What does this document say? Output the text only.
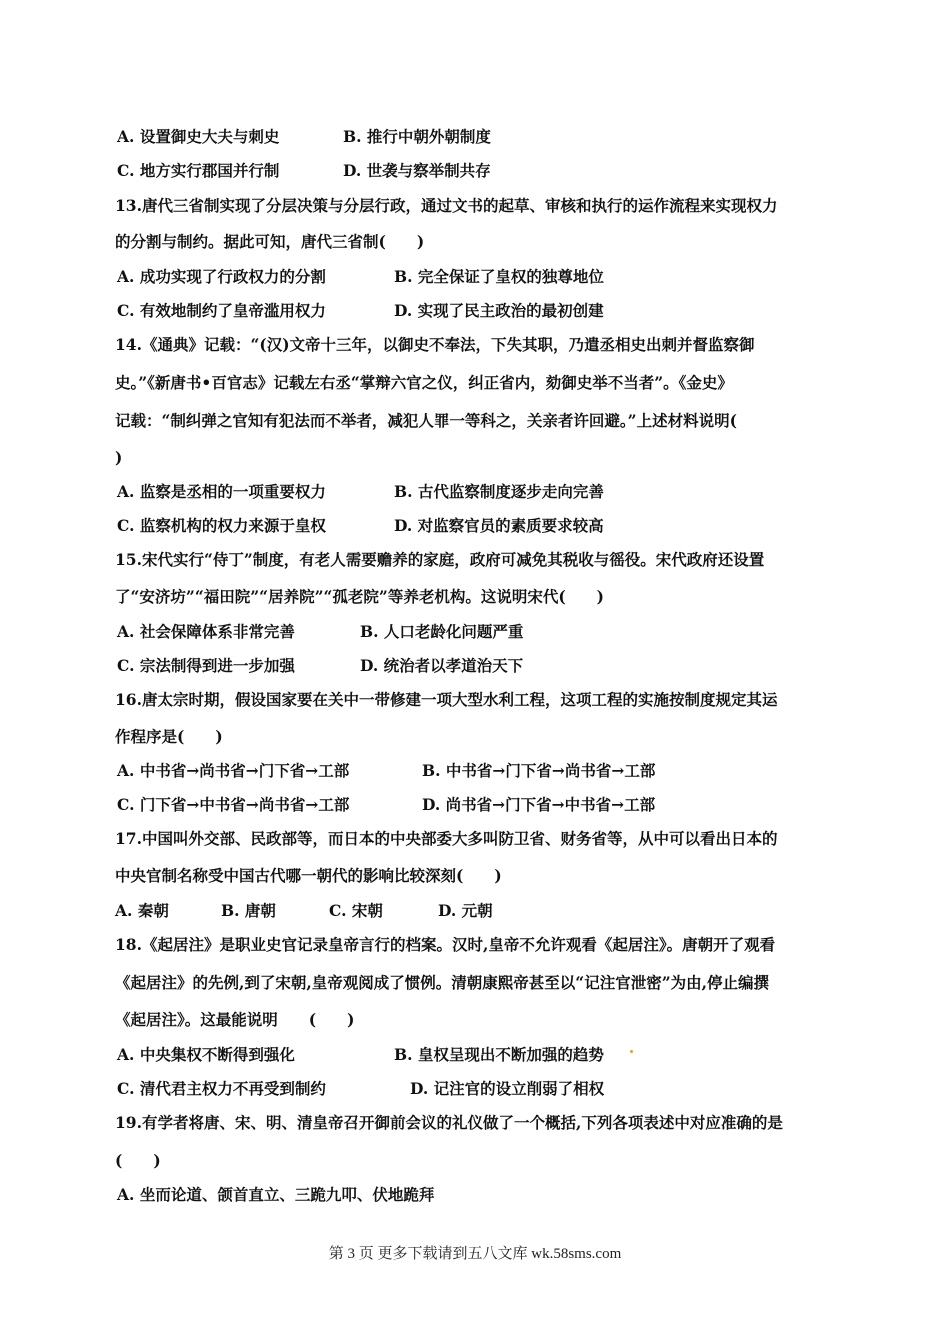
A. 设置御史大夫与刺史	B. 推行中朝外朝制度
C. 地方实行郡国并行制	D. 世袭与察举制共存
13.唐代三省制实现了分层决策与分层行政，通过文书的起草、审核和执行的运作流程来实现权力
的分割与制约。据此可知，唐代三省制(　　)
A. 成功实现了行政权力的分割	B. 完全保证了皇权的独尊地位
C. 有效地制约了皇帝滥用权力	D. 实现了民主政治的最初创建
14.《通典》记载：“(汉)文帝十三年，以御史不奉法，下失其职，乃遣丞相史出刺并督监察御
史。”《新唐书•百官志》记载左右丞“掌辩六官之仪，纠正省内，劾御史举不当者”。《金史》
记载：“制纠弹之官知有犯法而不举者，减犯人罪一等科之，关亲者许回避。”上述材料说明(
)
A. 监察是丞相的一项重要权力	B. 古代监察制度逐步走向完善
C. 监察机构的权力来源于皇权	D. 对监察官员的素质要求较高
15.宋代实行“侍丁”制度，有老人需要赡养的家庭，政府可减免其税收与徭役。宋代政府还设置
了“安济坊”“福田院”“居养院”“孤老院”等养老机构。这说明宋代(　　)
A. 社会保障体系非常完善	B. 人口老龄化问题严重
C. 宗法制得到进一步加强	D. 统治者以孝道治天下
16.唐太宗时期，假设国家要在关中一带修建一项大型水利工程，这项工程的实施按制度规定其运
作程序是(　　)
A. 中书省→尚书省→门下省→工部	B. 中书省→门下省→尚书省→工部
C. 门下省→中书省→尚书省→工部	D. 尚书省→门下省→中书省→工部
17.中国叫外交部、民政部等，而日本的中央部委大多叫防卫省、财务省等，从中可以看出日本的
中央官制名称受中国古代哪一朝代的影响比较深刻(　　)
A. 秦朝	B. 唐朝	C. 宋朝	D. 元朝
18.《起居注》是职业史官记录皇帝言行的档案。汉时,皇帝不允许观看《起居注》。唐朝开了观看
《起居注》的先例,到了宋朝,皇帝观阅成了惯例。清朝康熙帝甚至以“记注官泄密”为由,停止编撰
《起居注》。这最能说明　　(　　)
A. 中央集权不断得到强化	B. 皇权呈现出不断加强的趋势
C. 清代君主权力不再受到制约	D. 记注官的设立削弱了相权
19.有学者将唐、宋、明、清皇帝召开御前会议的礼仪做了一个概括,下列各项表述中对应准确的是
(　　)
A. 坐而论道、颌首直立、三跪九叩、伏地跪拜
第 3 页 更多下载请到五八文库 wk.58sms.com
